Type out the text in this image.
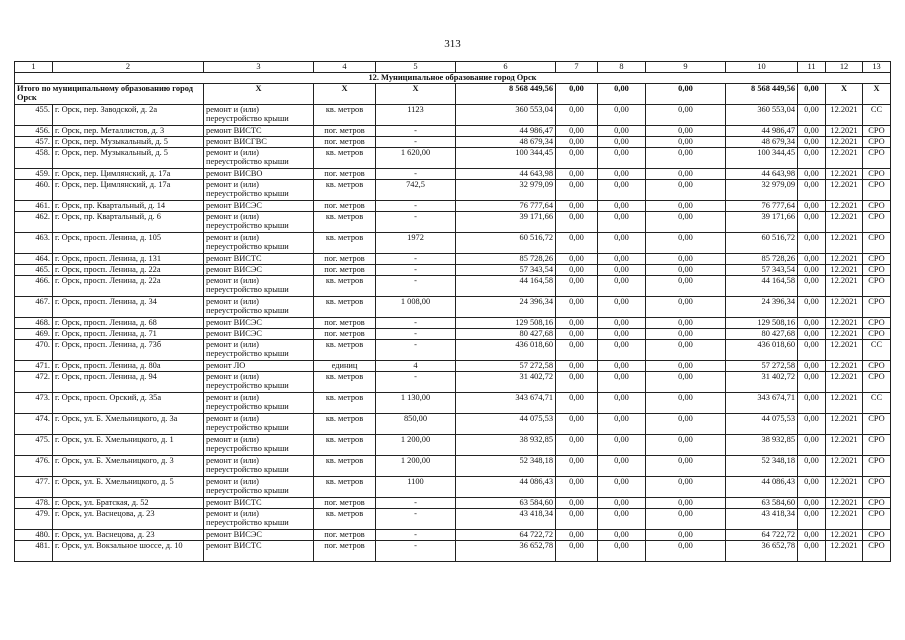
313
1	2	3	4	5	6	7	8	9	10	11	12	13
12. Муниципальное образование город Орск												
Итого по муниципальному образованию город Орск		X	X	X	8 568 449,56	0,00	0,00	0,00	8 568 449,56	0,00	X	X
455.	г. Орск, пер. Заводской, д. 2а	ремонт и (или) переустройство крыши	кв. метров	1123	360 553,04	0,00	0,00	0,00	360 553,04	0,00	12.2021	СС
456.	г. Орск, пер. Металлистов, д. 3	ремонт ВИСТС	пог. метров	-	44 986,47	0,00	0,00	0,00	44 986,47	0,00	12.2021	СРО
457.	г. Орск, пер. Музыкальный, д. 5	ремонт ВИСГВС	пог. метров	-	48 679,34	0,00	0,00	0,00	48 679,34	0,00	12.2021	СРО
458.	г. Орск, пер. Музыкальный, д. 5	ремонт и (или) переустройство крыши	кв. метров	1 620,00	100 344,45	0,00	0,00	0,00	100 344,45	0,00	12.2021	СРО
459.	г. Орск, пер. Цимлянский, д. 17а	ремонт ВИСВО	пог. метров	-	44 643,98	0,00	0,00	0,00	44 643,98	0,00	12.2021	СРО
460.	г. Орск, пер. Цимлянский, д. 17а	ремонт и (или) переустройство крыши	кв. метров	742,5	32 979,09	0,00	0,00	0,00	32 979,09	0,00	12.2021	СРО
461.	г. Орск, пр. Квартальный, д. 14	ремонт ВИСЭС	пог. метров	-	76 777,64	0,00	0,00	0,00	76 777,64	0,00	12.2021	СРО
462.	г. Орск, пр. Квартальный, д. 6	ремонт и (или) переустройство крыши	кв. метров	-	39 171,66	0,00	0,00	0,00	39 171,66	0,00	12.2021	СРО
463.	г. Орск, просп. Ленина, д. 105	ремонт и (или) переустройство крыши	кв. метров	1972	60 516,72	0,00	0,00	0,00	60 516,72	0,00	12.2021	СРО
464.	г. Орск, просп. Ленина, д. 131	ремонт ВИСТС	пог. метров	-	85 728,26	0,00	0,00	0,00	85 728,26	0,00	12.2021	СРО
465.	г. Орск, просп. Ленина, д. 22а	ремонт ВИСЭС	пог. метров	-	57 343,54	0,00	0,00	0,00	57 343,54	0,00	12.2021	СРО
466.	г. Орск, просп. Ленина, д. 22а	ремонт и (или) переустройство крыши	кв. метров	-	44 164,58	0,00	0,00	0,00	44 164,58	0,00	12.2021	СРО
467.	г. Орск, просп. Ленина, д. 34	ремонт и (или) переустройство крыши	кв. метров	1 008,00	24 396,34	0,00	0,00	0,00	24 396,34	0,00	12.2021	СРО
468.	г. Орск, просп. Ленина, д. 68	ремонт ВИСЭС	пог. метров	-	129 508,16	0,00	0,00	0,00	129 508,16	0,00	12.2021	СРО
469.	г. Орск, просп. Ленина, д. 71	ремонт ВИСЭС	пог. метров	-	80 427,68	0,00	0,00	0,00	80 427,68	0,00	12.2021	СРО
470.	г. Орск, просп. Ленина, д. 73б	ремонт и (или) переустройство крыши	кв. метров	-	436 018,60	0,00	0,00	0,00	436 018,60	0,00	12.2021	СС
471.	г. Орск, просп. Ленина, д. 80а	ремонт ЛО	единиц	4	57 272,58	0,00	0,00	0,00	57 272,58	0,00	12.2021	СРО
472.	г. Орск, просп. Ленина, д. 94	ремонт и (или) переустройство крыши	кв. метров	-	31 402,72	0,00	0,00	0,00	31 402,72	0,00	12.2021	СРО
473.	г. Орск, просп. Орский, д. 35а	ремонт и (или) переустройство крыши	кв. метров	1 130,00	343 674,71	0,00	0,00	0,00	343 674,71	0,00	12.2021	СС
474.	г. Орск, ул. Б. Хмельницкого, д. 3а	ремонт и (или) переустройство крыши	кв. метров	850,00	44 075,53	0,00	0,00	0,00	44 075,53	0,00	12.2021	СРО
475.	г. Орск, ул. Б. Хмельницкого, д. 1	ремонт и (или) переустройство крыши	кв. метров	1 200,00	38 932,85	0,00	0,00	0,00	38 932,85	0,00	12.2021	СРО
476.	г. Орск, ул. Б. Хмельницкого, д. 3	ремонт и (или) переустройство крыши	кв. метров	1 200,00	52 348,18	0,00	0,00	0,00	52 348,18	0,00	12.2021	СРО
477.	г. Орск, ул. Б. Хмельницкого, д. 5	ремонт и (или) переустройство крыши	кв. метров	1100	44 086,43	0,00	0,00	0,00	44 086,43	0,00	12.2021	СРО
478.	г. Орск, ул. Братская, д. 52	ремонт ВИСТС	пог. метров	-	63 584,60	0,00	0,00	0,00	63 584,60	0,00	12.2021	СРО
479.	г. Орск, ул. Васнецова, д. 23	ремонт и (или) переустройство крыши	кв. метров	-	43 418,34	0,00	0,00	0,00	43 418,34	0,00	12.2021	СРО
480.	г. Орск, ул. Васнецова, д. 23	ремонт ВИСЭС	пог. метров	-	64 722,72	0,00	0,00	0,00	64 722,72	0,00	12.2021	СРО
481.	г. Орск, ул. Вокзальное шоссе, д. 10	ремонт ВИСТС	пог. метров	-	36 652,78	0,00	0,00	0,00	36 652,78	0,00	12.2021	СРО
